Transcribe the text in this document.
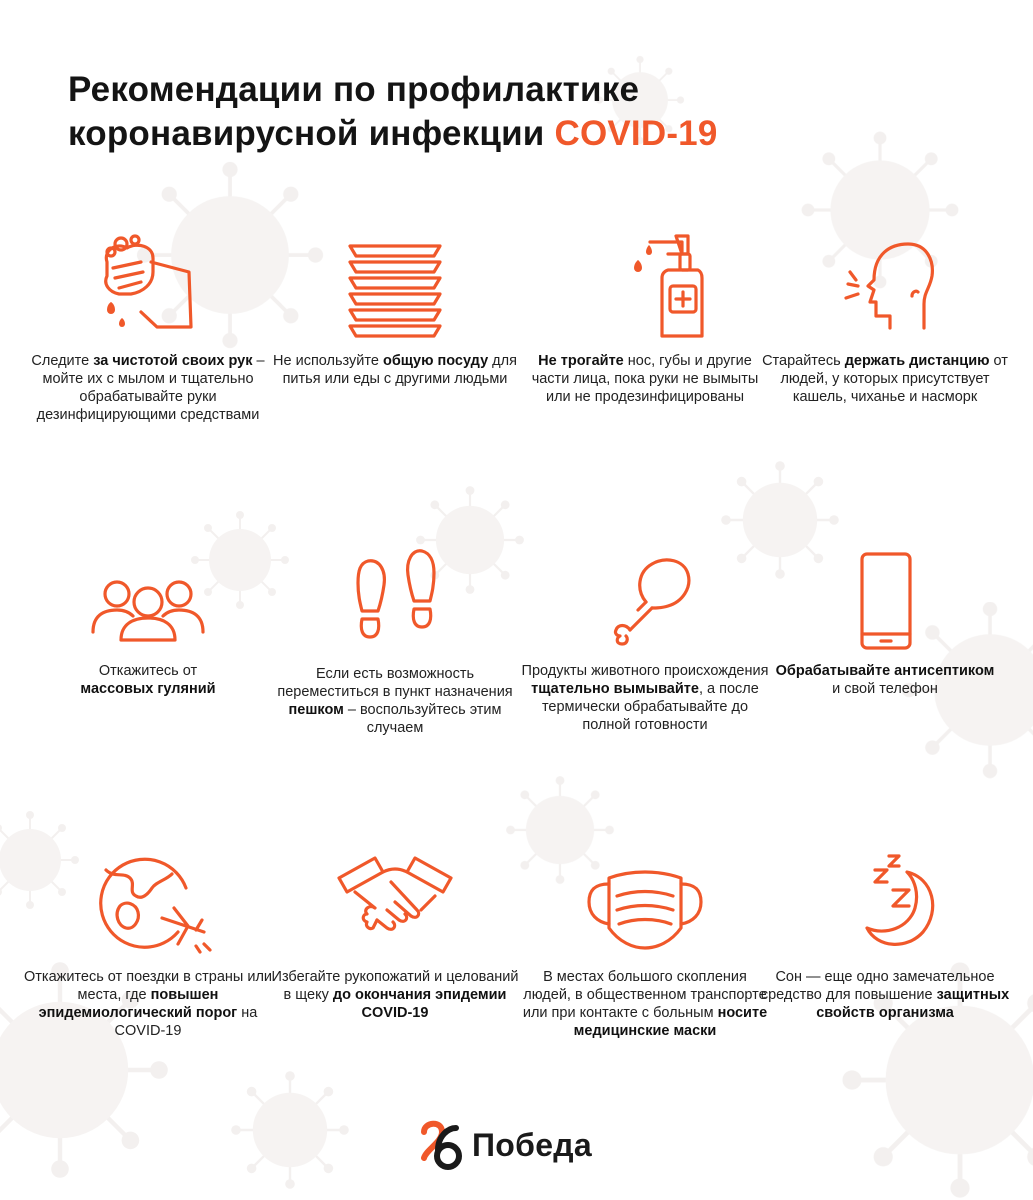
Рекомендации по профилактике
коронавирусной инфекции COVID-19
Следите за чистотой своих рук – мойте их с мылом и тщательно обрабатывайте руки дезинфицирующими средствами
Не используйте общую посуду для питья или еды с другими людьми
Не трогайте нос, губы и другие части лица, пока руки не вымыты или не продезинфицированы
Старайтесь держать дистанцию от людей, у которых присутствует кашель, чиханье и насморк
Откажитесь от
массовых гуляний
Если есть возможность переместиться в пункт назначения пешком – воспользуйтесь этим случаем
Продукты животного происхождения тщательно вымывайте, а после термически обрабатывайте до полной готовности
Обрабатывайте антисептиком
и свой телефон
Откажитесь от поездки в страны или места, где повышен эпидемиологический порог на COVID-19
Избегайте рукопожатий и целований в щеку до окончания эпидемии COVID-19
В местах большого скопления людей, в общественном транспорте или при контакте с больным носите медицинские маски
Сон — еще одно замечательное средство для повышение защитных свойств организма
Победа
